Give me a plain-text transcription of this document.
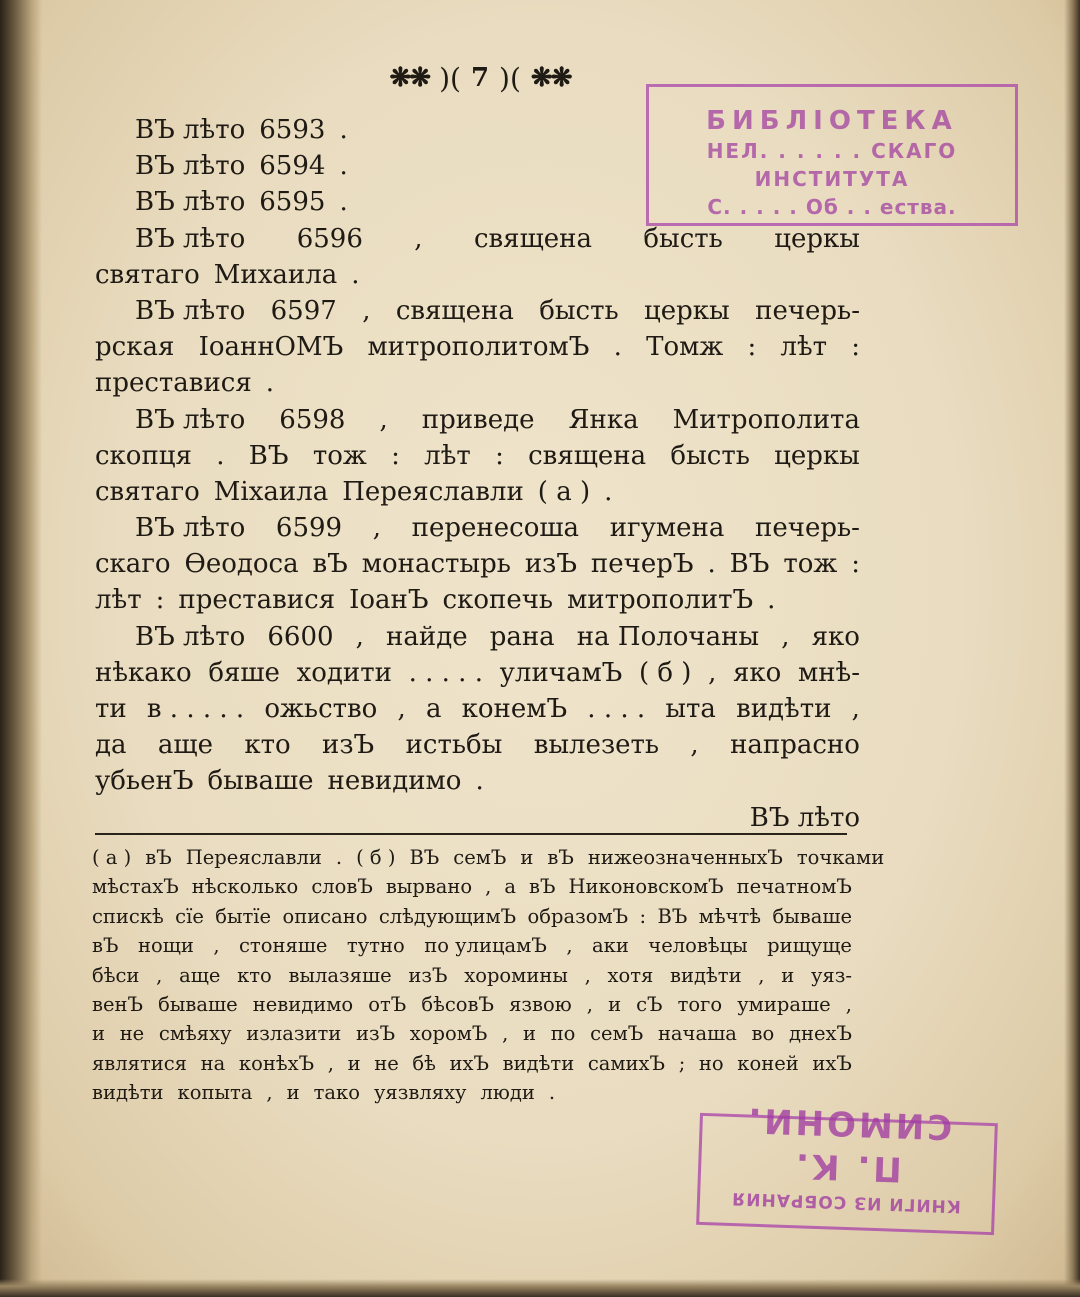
❋❋ )( 7 )( ❋❋
ВЪ лѣто 6593 .
ВЪ лѣто 6594 .
ВЪ лѣто 6595 .
ВЪ лѣто 6596 , священа бысть церкы
святаго Михаила .
ВЪ лѣто 6597 , священа бысть церкы печерь-
рская ІоаннОМЪ митрополитомЪ . Томж : лѣт :
преставися .
ВЪ лѣто 6598 , приведе Янка Митрополита
скопця . ВЪ тож : лѣт : священа бысть церкы
святаго Міхаила Переяславли ( а ) .
ВЪ лѣто 6599 , перенесоша игумена печерь-
скаго Ѳеодоса вЪ монастырь изЪ печерЪ . ВЪ тож :
лѣт : преставися ІоанЪ скопечь митрополитЪ .
ВЪ лѣто 6600 , найде рана на Полочаны , яко
нѣкако бяше ходити . . . . . уличамЪ ( б ) , яко мнѣ-
ти в . . . . . ожьство , а конемЪ . . . . ыта видѣти ,
да аще кто изЪ истьбы вылезеть , напрасно
убьенЪ бываше невидимо .
ВЪ лѣто
( а ) вЪ Переяславли . ( б ) ВЪ семЪ и вЪ нижеозначенныхЪ точками
мѣстахЪ нѣсколько словЪ вырвано , а вЪ НиконовскомЪ печатномЪ
спискѣ сїе бытїе описано слѣдующимЪ образомЪ : ВЪ мѣчтѣ бываше
вЪ нощи , стоняше тутно по улицамЪ , аки человѣцы рищуще
бѣси , аще кто вылазяше изЪ хоромины , хотя видѣти , и уяз-
венЪ бываше невидимо отЪ бѣсовЪ язвою , и сЪ того умираше ,
и не смѣяху излазити изЪ хоромЪ , и по семЪ начаша во днехЪ
являтися на конѣхЪ , и не бѣ ихЪ видѣти самихЪ ; но коней ихЪ
видѣти копыта , и тако уязвляху люди .
БИБЛІОТЕКА
НЕЛ. . . . . . СКАГО ИНСТИТУТА
С. . . . . Об . . ества.
КНИГИ ИЗ СОБРАНИЯ
П. К. СИМОНИ.
